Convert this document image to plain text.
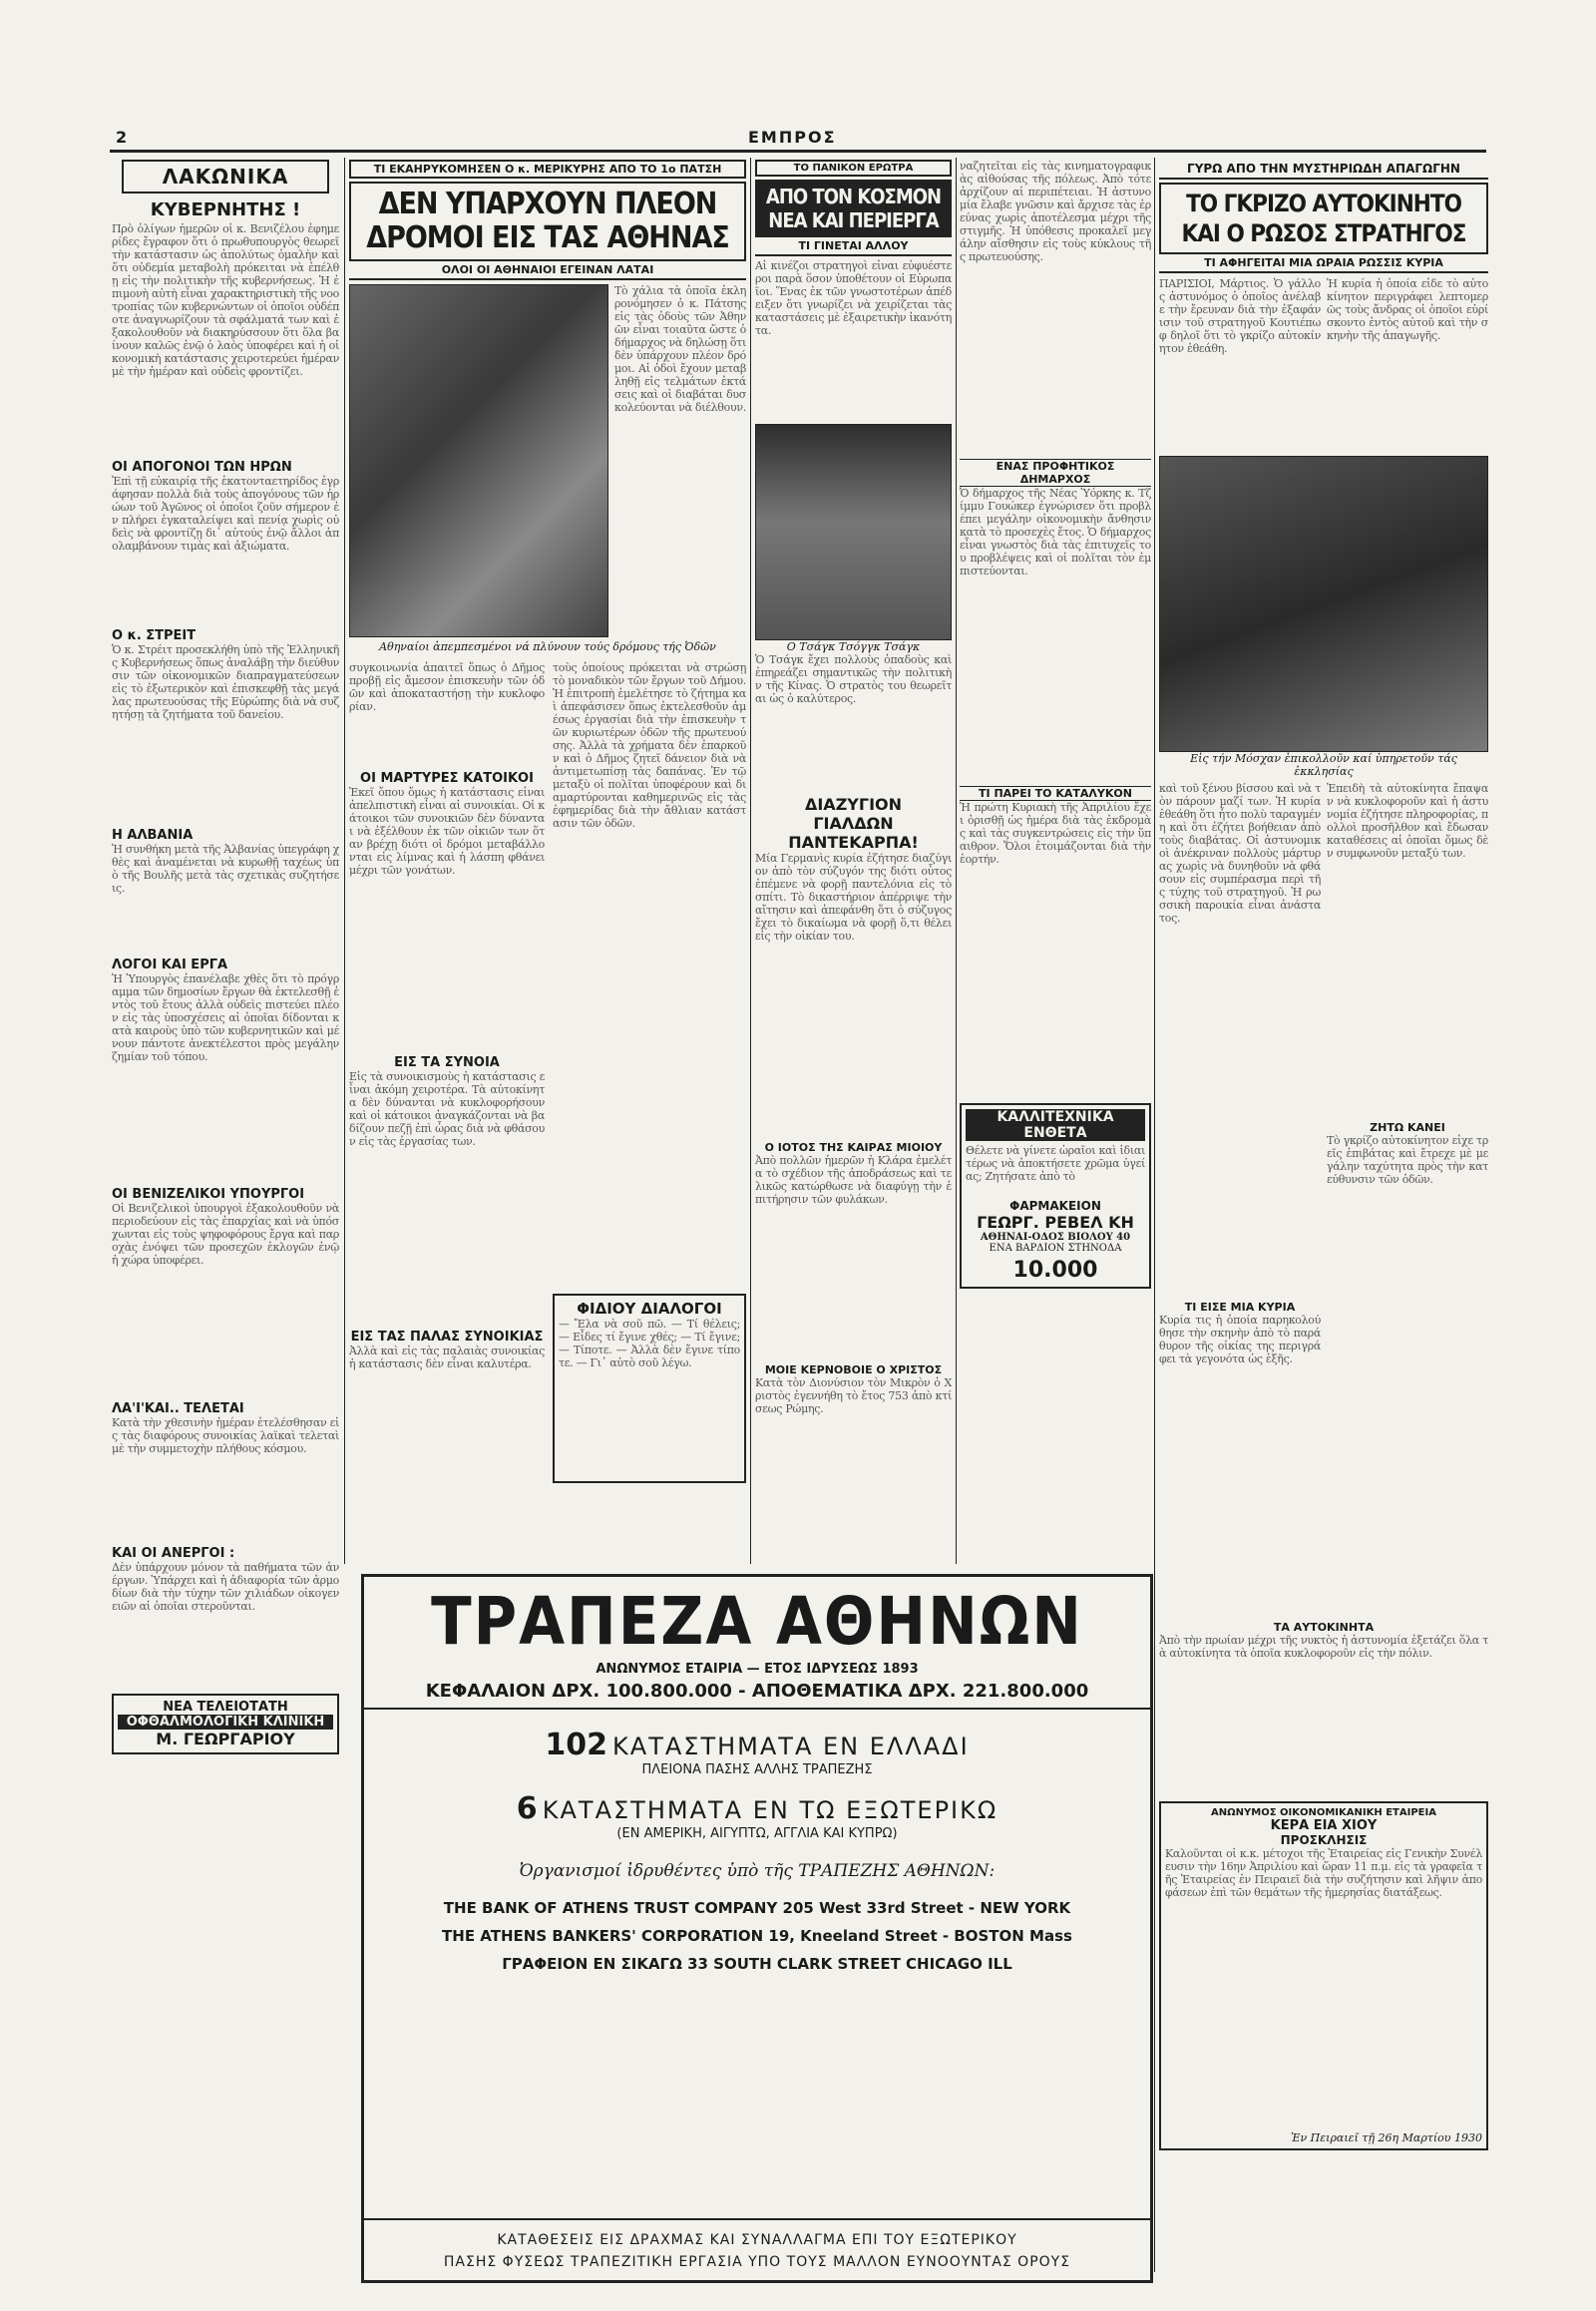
2	ΕΜΠΡΟΣ
ΛΑΚΩΝΙΚΑ
ΚΥΒΕΡΝΗΤΗΣ !
Πρὸ ὁλίγων ἡμερῶν οἱ κ. Βενιζέλου ἐφημερίδες ἔγραφον ὅτι ὁ πρωθυπουργὸς θεωρεῖ τὴν κατάστασιν ὡς ἀπολύτως ὁμαλὴν καὶ ὅτι οὐδεμία μεταβολὴ πρόκειται νὰ ἐπέλθῃ εἰς τὴν πολιτικὴν τῆς κυβερνήσεως. Ἡ ἐπιμονὴ αὐτὴ εἶναι χαρακτηριστικὴ τῆς νοοτροπίας τῶν κυβερνώντων οἱ ὁποῖοι οὐδέποτε ἀναγνωρίζουν τὰ σφάλματά των καὶ ἐξακολουθοῦν νὰ διακηρύσσουν ὅτι ὅλα βαίνουν καλῶς ἐνῷ ὁ λαὸς ὑποφέρει καὶ ἡ οἰκονομικὴ κατάστασις χειροτερεύει ἡμέραν μὲ τὴν ἡμέραν καὶ οὐδεὶς φροντίζει.
ΟΙ ΑΠΟΓΟΝΟΙ ΤΩΝ ΗΡΩΝ
Ἐπὶ τῇ εὐκαιρίᾳ τῆς ἑκατονταετηρίδος ἐγράφησαν πολλὰ διὰ τοὺς ἀπογόνους τῶν ἡρώων τοῦ Ἀγῶνος οἱ ὁποῖοι ζοῦν σήμερον ἐν πλήρει ἐγκαταλείψει καὶ πενίᾳ χωρὶς οὐδεὶς νὰ φροντίζῃ δι᾽ αὐτούς ἐνῷ ἄλλοι ἀπολαμβάνουν τιμὰς καὶ ἀξιώματα.
Ο κ. ΣΤΡΕΙΤ
Ὁ κ. Στρέιτ προσεκλήθη ὑπὸ τῆς Ἑλληνικῆς Κυβερνήσεως ὅπως ἀναλάβῃ τὴν διεύθυνσιν τῶν οἰκονομικῶν διαπραγματεύσεων εἰς τὸ ἐξωτερικὸν καὶ ἐπισκεφθῇ τὰς μεγάλας πρωτευούσας τῆς Εὐρώπης διὰ νὰ συζητήσῃ τὰ ζητήματα τοῦ δανείου.
Η ΑΛΒΑΝΙΑ
Ἡ συνθήκη μετὰ τῆς Ἀλβανίας ὑπεγράφη χθὲς καὶ ἀναμένεται νὰ κυρωθῇ ταχέως ὑπὸ τῆς Βουλῆς μετὰ τὰς σχετικὰς συζητήσεις.
ΛΟΓΟΙ ΚΑΙ ΕΡΓΑ
Ἡ Ὑπουργὸς ἐπανέλαβε χθὲς ὅτι τὸ πρόγραμμα τῶν δημοσίων ἔργων θὰ ἐκτελεσθῇ ἐντὸς τοῦ ἔτους ἀλλὰ οὐδεὶς πιστεύει πλέον εἰς τὰς ὑποσχέσεις αἱ ὁποῖαι δίδονται κατὰ καιροὺς ὑπὸ τῶν κυβερνητικῶν καὶ μένουν πάντοτε ἀνεκτέλεστοι πρὸς μεγάλην ζημίαν τοῦ τόπου.
ΟΙ ΒΕΝΙΖΕΛΙΚΟΙ ΥΠΟΥΡΓΟΙ
Οἱ Βενιζελικοὶ ὑπουργοὶ ἐξακολουθοῦν νὰ περιοδεύουν εἰς τὰς ἐπαρχίας καὶ νὰ ὑπόσχωνται εἰς τοὺς ψηφοφόρους ἔργα καὶ παροχὰς ἐνόψει τῶν προσεχῶν ἐκλογῶν ἐνῷ ἡ χώρα ὑποφέρει.
ΛΑ'Ι'ΚΑΙ.. ΤΕΛΕΤΑΙ
Κατὰ τὴν χθεσινὴν ἡμέραν ἐτελέσθησαν εἰς τὰς διαφόρους συνοικίας λαϊκαὶ τελεταὶ μὲ τὴν συμμετοχὴν πλήθους κόσμου.
ΚΑΙ ΟΙ ΑΝΕΡΓΟΙ :
Δὲν ὑπάρχουν μόνον τὰ παθήματα τῶν ἀνέργων. Ὑπάρχει καὶ ἡ ἀδιαφορία τῶν ἀρμοδίων διὰ τὴν τύχην τῶν χιλιάδων οἰκογενειῶν αἱ ὁποῖαι στεροῦνται.
ΝΕΑ ΤΕΛΕΙΟΤΑΤΗ
ΟΦΘΑΛΜΟΛΟΓΙΚΗ ΚΛΙΝΙΚΗ
Μ. ΓΕΩΡΓΑΡΙΟΥ
ΤΙ ΕΚΑΗΡΥΚΟΜΗΣΕΝ Ο κ. ΜΕΡΙΚΥΡΗΣ ΑΠΟ ΤΟ 1ο ΠΑΤΣΗ
ΔΕΝ ΥΠΑΡΧΟΥΝ ΠΛΕΟΝ
ΔΡΟΜΟΙ ΕΙΣ ΤΑΣ ΑΘΗΝΑΣ
ΟΛΟΙ ΟΙ ΑΘΗΝΑΙΟΙ ΕΓΕΙΝΑΝ ΛΑΤΑΙ
Τὸ χάλια τὰ ὁποῖα ἐκληρονόμησεν ὁ κ. Πάτσης εἰς τὰς ὁδοὺς τῶν Ἀθηνῶν εἶναι τοιαῦτα ὥστε ὁ δήμαρχος νὰ δηλώσῃ ὅτι δὲν ὑπάρχουν πλέον δρόμοι. Αἱ ὁδοὶ ἔχουν μεταβληθῇ εἰς τελμάτων ἐκτάσεις καὶ οἱ διαβάται δυσκολεύονται νὰ διέλθουν.
Αθηναίοι ἀπεμπεσμένοι νά πλύνουν τούς δρόμους τής Ὀδῶν
συγκοινωνία ἀπαιτεῖ ὅπως ὁ Δῆμος προβῇ εἰς ἄμεσον ἐπισκευὴν τῶν ὁδῶν καὶ ἀποκαταστήσῃ τὴν κυκλοφορίαν.
ΟΙ ΜΑΡΤΥΡΕΣ ΚΑΤΟΙΚΟΙ
Ἐκεῖ ὅπου ὅμως ἡ κατάστασις εἶναι ἀπελπιστικὴ εἶναι αἱ συνοικίαι. Οἱ κάτοικοι τῶν συνοικιῶν δὲν δύνανται νὰ ἐξέλθουν ἐκ τῶν οἰκιῶν των ὅταν βρέχῃ διότι οἱ δρόμοι μεταβάλλονται εἰς λίμνας καὶ ἡ λάσπη φθάνει μέχρι τῶν γονάτων.
ΕΙΣ ΤΑ ΣΥΝΟΙΑ
Εἰς τὰ συνοικισμοὺς ἡ κατάστασις εἶναι ἀκόμη χειροτέρα. Τὰ αὐτοκίνητα δὲν δύνανται νὰ κυκλοφορήσουν καὶ οἱ κάτοικοι ἀναγκάζονται νὰ βαδίζουν πεζῇ ἐπὶ ὧρας διὰ νὰ φθάσουν εἰς τὰς ἐργασίας των.
ΕΙΣ ΤΑΣ ΠΑΛΑΣ ΣΥΝΟΙΚΙΑΣ
Ἀλλὰ καὶ εἰς τὰς παλαιὰς συνοικίας ἡ κατάστασις δὲν εἶναι καλυτέρα.
τοὺς ὁποίους πρόκειται νὰ στρώσῃ τὸ μοναδικὸν τῶν ἔργων τοῦ Δήμου. Ἡ ἐπιτροπὴ ἐμελέτησε τὸ ζήτημα καὶ ἀπεφάσισεν ὅπως ἐκτελεσθοῦν ἀμέσως ἐργασίαι διὰ τὴν ἐπισκευὴν τῶν κυριωτέρων ὁδῶν τῆς πρωτευούσης. Ἀλλὰ τὰ χρήματα δὲν ἐπαρκοῦν καὶ ὁ Δῆμος ζητεῖ δάνειον διὰ νὰ ἀντιμετωπίσῃ τὰς δαπάνας. Ἐν τῷ μεταξὺ οἱ πολῖται ὑποφέρουν καὶ διαμαρτύρονται καθημερινῶς εἰς τὰς ἐφημερίδας διὰ τὴν ἄθλιαν κατάστασιν τῶν ὁδῶν.
ΦΙΔΙΟΥ ΔΙΑΛΟΓΟΙ
— Ἔλα νὰ σοῦ πῶ. — Τί θέλεις; — Εἶδες τί ἔγινε χθές; — Τί ἔγινε; — Τίποτε. — Ἀλλὰ δὲν ἔγινε τίποτε. — Γι᾽ αὐτὸ σοῦ λέγω.
ΤΟ ΠΑΝΙΚΟΝ ΕΡΩΤΡΑ
ΑΠΟ ΤΟΝ ΚΟΣΜΟΝ
ΝΕΑ ΚΑΙ ΠΕΡΙΕΡΓΑ
ΤΙ ΓΙΝΕΤΑΙ ΑΛΛΟΥ
Αἱ κινέζοι στρατηγοὶ εἶναι εὐφυέστεροι παρὰ ὅσον ὑποθέτουν οἱ Εὐρωπαῖοι. Ἕνας ἐκ τῶν γνωστοτέρων ἀπέδειξεν ὅτι γνωρίζει νὰ χειρίζεται τὰς καταστάσεις μὲ ἐξαιρετικὴν ἱκανότητα.
Ο Τσάγκ Τσόγγκ Τσάγκ
Ὁ Τσάγκ ἔχει πολλοὺς ὀπαδοὺς καὶ ἐπηρεάζει σημαντικῶς τὴν πολιτικὴν τῆς Κίνας. Ὁ στρατὸς του θεωρεῖται ὡς ὁ καλύτερος.
ΔΙΑΖΥΓΙΟΝ
ΓΙΑΛΔΩΝ ΠΑΝΤΕΚΑΡΠΑ!
Μία Γερμανὶς κυρία ἐζήτησε διαζύγιον ἀπὸ τὸν σύζυγόν της διότι οὗτος ἐπέμενε νὰ φορῇ παντελόνια εἰς τὸ σπίτι. Τὸ δικαστήριον ἀπέρριψε τὴν αἴτησιν καὶ ἀπεφάνθη ὅτι ὁ σύζυγος ἔχει τὸ δικαίωμα νὰ φορῇ ὅ,τι θέλει εἰς τὴν οἰκίαν του.
Ο ΙΟΤΟΣ ΤΗΣ ΚΑΙΡΑΣ ΜΙΟΙΟΥ
Ἀπὸ πολλῶν ἡμερῶν ἡ Κλάρα ἐμελέτα τὸ σχέδιον τῆς ἀποδράσεως καὶ τελικῶς κατώρθωσε νὰ διαφύγῃ τὴν ἐπιτήρησιν τῶν φυλάκων.
ΜΟΙΕ ΚΕΡΝΟΒΟΙΕ Ο ΧΡΙΣΤΟΣ
Κατὰ τὸν Διονύσιον τὸν Μικρὸν ὁ Χριστὸς ἐγεννήθη τὸ ἔτος 753 ἀπὸ κτίσεως Ρώμης.
ναζητεῖται εἰς τὰς κινηματογραφικὰς αἰθούσας τῆς πόλεως. Ἀπὸ τότε ἀρχίζουν αἱ περιπέτειαι. Ἡ ἀστυνομία ἔλαβε γνῶσιν καὶ ἄρχισε τὰς ἐρεύνας χωρὶς ἀποτέλεσμα μέχρι τῆς στιγμῆς. Ἡ ὑπόθεσις προκαλεῖ μεγάλην αἴσθησιν εἰς τοὺς κύκλους τῆς πρωτευούσης.
ΕΝΑΣ ΠΡΟΦΗΤΙΚΟΣ ΔΗΜΑΡΧΟΣ
Ὁ δήμαρχος τῆς Νέας Ὑόρκης κ. Τζίμμυ Γουώκερ ἐγνώρισεν ὅτι προβλέπει μεγάλην οἰκονομικὴν ἄνθησιν κατὰ τὸ προσεχὲς ἔτος. Ὁ δήμαρχος εἶναι γνωστὸς διὰ τὰς ἐπιτυχεῖς του προβλέψεις καὶ οἱ πολῖται τὸν ἐμπιστεύονται.
ΤΙ ΠΑΡΕΙ ΤΟ ΚΑΤΑΛΥΚΟΝ
Ἡ πρώτη Κυριακὴ τῆς Ἀπριλίου ἔχει ὁρισθῇ ὡς ἡμέρα διὰ τὰς ἐκδρομὰς καὶ τὰς συγκεντρώσεις εἰς τὴν ὕπαιθρον. Ὅλοι ἑτοιμάζονται διὰ τὴν ἑορτήν.
ΚΑΛΛΙΤΕΧΝΙΚΑ ΕΝΘΕΤΑ
Θέλετε νὰ γίνετε ὡραῖοι καὶ ἰδιαιτέρως νὰ ἀποκτήσετε χρῶμα ὑγείας; Ζητήσατε ἀπὸ τὸ
ΦΑΡΜΑΚΕΙΟΝ
ΓΕΩΡΓ. ΡΕΒΕΛ ΚΗ
ΑΘΗΝΑΙ-ΟΔΟΣ ΒΙΟΛΟΥ 40
ΕΝΑ ΒΑΡΔΙΟΝ ΣΤΗΝΟΔΑ
10.000
ΓΥΡΩ ΑΠΟ ΤΗΝ ΜΥΣΤΗΡΙΩΔΗ ΑΠΑΓΩΓΗΝ
ΤΟ ΓΚΡΙΖΟ ΑΥΤΟΚΙΝΗΤΟ
ΚΑΙ Ο ΡΩΣΟΣ ΣΤΡΑΤΗΓΟΣ
ΤΙ ΑΦΗΓΕΙΤΑΙ ΜΙΑ ΩΡΑΙΑ ΡΩΣΣΙΣ ΚΥΡΙΑ
ΠΑΡΙΣΙΟΙ, Μάρτιος. Ὁ γάλλος ἀστυνόμος ὁ ὁποῖος ἀνέλαβε τὴν ἔρευναν διὰ τὴν ἐξαφάνισιν τοῦ στρατηγοῦ Κουτιέπωφ δηλοῖ ὅτι τὸ γκρίζο αὐτοκίνητον ἐθεάθη.
Ἡ κυρία ἡ ὁποία εἶδε τὸ αὐτοκίνητον περιγράφει λεπτομερῶς τοὺς ἄνδρας οἱ ὁποῖοι εὑρίσκοντο ἐντὸς αὐτοῦ καὶ τὴν σκηνὴν τῆς ἀπαγωγῆς.
Εἰς τήν Μόσχαν ἐπικολλοῦν καί ὑπηρετοῦν τάς ἐκκλησίας
καὶ τοῦ ξένου βίσσου καὶ νὰ τὸν πάρουν μαζί των. Ἡ κυρία ἐθεάθη ὅτι ἦτο πολὺ ταραγμένη καὶ ὅτι ἐζήτει βοήθειαν ἀπὸ τοὺς διαβάτας. Οἱ ἀστυνομικοὶ ἀνέκριναν πολλοὺς μάρτυρας χωρὶς νὰ δυνηθοῦν νὰ φθάσουν εἰς συμπέρασμα περὶ τῆς τύχης τοῦ στρατηγοῦ. Ἡ ρωσσικὴ παροικία εἶναι ἀνάστατος.
ΤΙ ΕΙΣΕ ΜΙΑ ΚΥΡΙΑ
Κυρία τις ἡ ὁποία παρηκολούθησε τὴν σκηνὴν ἀπὸ τὸ παράθυρον τῆς οἰκίας της περιγράφει τὰ γεγονότα ὡς ἑξῆς.
Ἐπειδὴ τὰ αὐτοκίνητα ἔπαψαν νὰ κυκλοφοροῦν καὶ ἡ ἀστυνομία ἐζήτησε πληροφορίας, πολλοὶ προσῆλθον καὶ ἔδωσαν καταθέσεις αἱ ὁποῖαι ὅμως δὲν συμφωνοῦν μεταξύ των.
ΖΗΤΩ ΚΑΝΕΙ
Τὸ γκρίζο αὐτοκίνητον εἶχε τρεῖς ἐπιβάτας καὶ ἔτρεχε μὲ μεγάλην ταχύτητα πρὸς τὴν κατεύθυνσιν τῶν ὁδῶν.
ΤΑ ΑΥΤΟΚΙΝΗΤΑ
Ἀπὸ τὴν πρωίαν μέχρι τῆς νυκτὸς ἡ ἀστυνομία ἐξετάζει ὅλα τὰ αὐτοκίνητα τὰ ὁποῖα κυκλοφοροῦν εἰς τὴν πόλιν.
ΑΝΩΝΥΜΟΣ ΟΙΚΟΝΟΜΙΚΑΝΙΚΗ ΕΤΑΙΡΕΙΑ
ΚΕΡΑ ΕΙΑ ΧΙΟΥ
ΠΡΟΣΚΛΗΣΙΣ
Καλοῦνται οἱ κ.κ. μέτοχοι τῆς Ἑταιρείας εἰς Γενικὴν Συνέλευσιν τὴν 16ην Ἀπριλίου καὶ ὥραν 11 π.μ. εἰς τὰ γραφεῖα τῆς Ἑταιρείας ἐν Πειραιεῖ διὰ τὴν συζήτησιν καὶ λῆψιν ἀποφάσεων ἐπὶ τῶν θεμάτων τῆς ἡμερησίας διατάξεως.
Ἐν Πειραιεῖ τῇ 26η Μαρτίου 1930
ΤΡΑΠΕΖΑ ΑΘΗΝΩΝ
ΑΝΩΝΥΜΟΣ ΕΤΑΙΡΙΑ — ΕΤΟΣ ΙΔΡΥΣΕΩΣ 1893
ΚΕΦΑΛΑΙΟΝ ΔΡΧ. 100.800.000 - ΑΠΟΘΕΜΑΤΙΚΑ ΔΡΧ. 221.800.000
102 ΚΑΤΑΣΤΗΜΑΤΑ ΕΝ ΕΛΛΑΔΙ
ΠΛΕΙΟΝΑ ΠΑΣΗΣ ΑΛΛΗΣ ΤΡΑΠΕΖΗΣ
6 ΚΑΤΑΣΤΗΜΑΤΑ ΕΝ ΤΩ ΕΞΩΤΕΡΙΚΩ
(ΕΝ ΑΜΕΡΙΚΗ, ΑΙΓΥΠΤΩ, ΑΓΓΛΙΑ ΚΑΙ ΚΥΠΡΩ)
Ὀργανισμοί ἰδρυθέντες ὑπὸ τῆς ΤΡΑΠΕΖΗΣ ΑΘΗΝΩΝ:
THE BANK OF ATHENS TRUST COMPANY 205 West 33rd Street - NEW YORK
THE ATHENS BANKERS' CORPORATION 19, Kneeland Street - BOSTON Mass
ΓΡΑΦΕΙΟΝ ΕΝ ΣΙΚΑΓΩ 33 SOUTH CLARK STREET CHICAGO ILL
ΚΑΤΑΘΕΣΕΙΣ ΕΙΣ ΔΡΑΧΜΑΣ ΚΑΙ ΣΥΝΑΛΛΑΓΜΑ ΕΠΙ ΤΟΥ ΕΞΩΤΕΡΙΚΟΥ
ΠΑΣΗΣ ΦΥΣΕΩΣ ΤΡΑΠΕΖΙΤΙΚΗ ΕΡΓΑΣΙΑ ΥΠΟ ΤΟΥΣ ΜΑΛΛΟΝ ΕΥΝΟΟΥΝΤΑΣ ΟΡΟΥΣ
